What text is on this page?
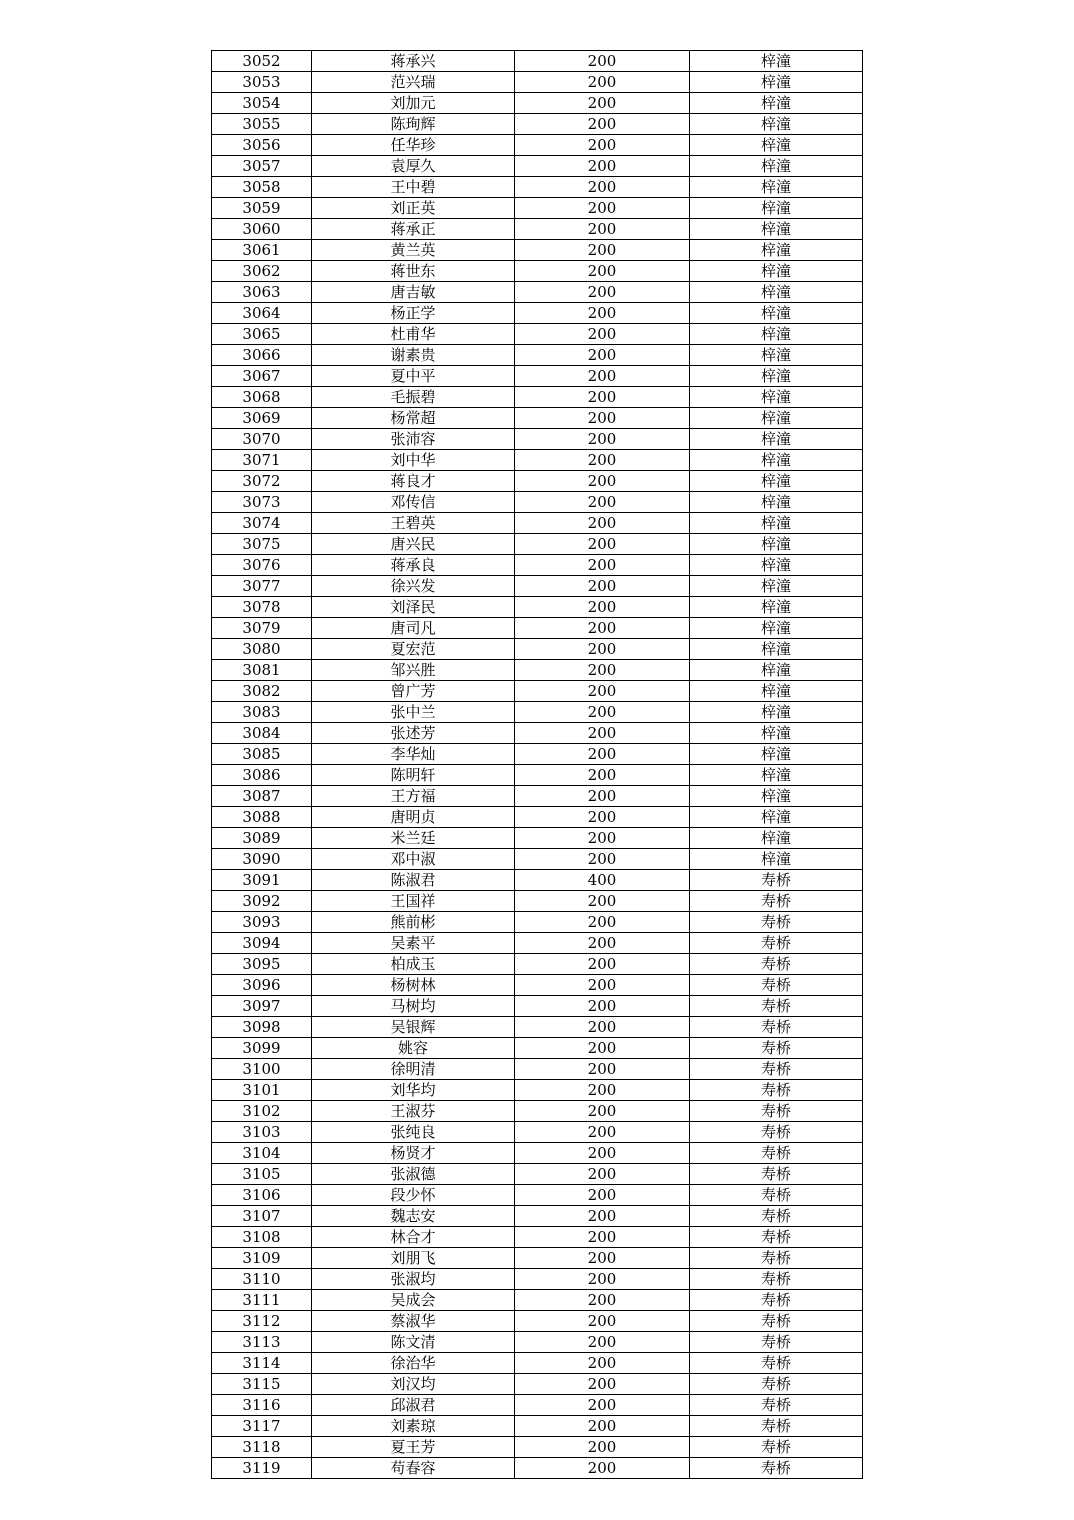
3052	蒋承兴	200	梓潼
3053	范兴瑞	200	梓潼
3054	刘加元	200	梓潼
3055	陈珣辉	200	梓潼
3056	任华珍	200	梓潼
3057	袁厚久	200	梓潼
3058	王中碧	200	梓潼
3059	刘正英	200	梓潼
3060	蒋承正	200	梓潼
3061	黄兰英	200	梓潼
3062	蒋世东	200	梓潼
3063	唐吉敏	200	梓潼
3064	杨正学	200	梓潼
3065	杜甫华	200	梓潼
3066	谢素贵	200	梓潼
3067	夏中平	200	梓潼
3068	毛振碧	200	梓潼
3069	杨常超	200	梓潼
3070	张沛容	200	梓潼
3071	刘中华	200	梓潼
3072	蒋良才	200	梓潼
3073	邓传信	200	梓潼
3074	王碧英	200	梓潼
3075	唐兴民	200	梓潼
3076	蒋承良	200	梓潼
3077	徐兴发	200	梓潼
3078	刘泽民	200	梓潼
3079	唐司凡	200	梓潼
3080	夏宏范	200	梓潼
3081	邹兴胜	200	梓潼
3082	曾广芳	200	梓潼
3083	张中兰	200	梓潼
3084	张述芳	200	梓潼
3085	李华灿	200	梓潼
3086	陈明轩	200	梓潼
3087	王方福	200	梓潼
3088	唐明贞	200	梓潼
3089	米兰廷	200	梓潼
3090	邓中淑	200	梓潼
3091	陈淑君	400	寿桥
3092	王国祥	200	寿桥
3093	熊前彬	200	寿桥
3094	吴素平	200	寿桥
3095	柏成玉	200	寿桥
3096	杨树林	200	寿桥
3097	马树均	200	寿桥
3098	吴银辉	200	寿桥
3099	姚容	200	寿桥
3100	徐明清	200	寿桥
3101	刘华均	200	寿桥
3102	王淑芬	200	寿桥
3103	张纯良	200	寿桥
3104	杨贤才	200	寿桥
3105	张淑德	200	寿桥
3106	段少怀	200	寿桥
3107	魏志安	200	寿桥
3108	林合才	200	寿桥
3109	刘朋飞	200	寿桥
3110	张淑均	200	寿桥
3111	吴成会	200	寿桥
3112	蔡淑华	200	寿桥
3113	陈文清	200	寿桥
3114	徐治华	200	寿桥
3115	刘汉均	200	寿桥
3116	邱淑君	200	寿桥
3117	刘素琼	200	寿桥
3118	夏王芳	200	寿桥
3119	苟春容	200	寿桥
